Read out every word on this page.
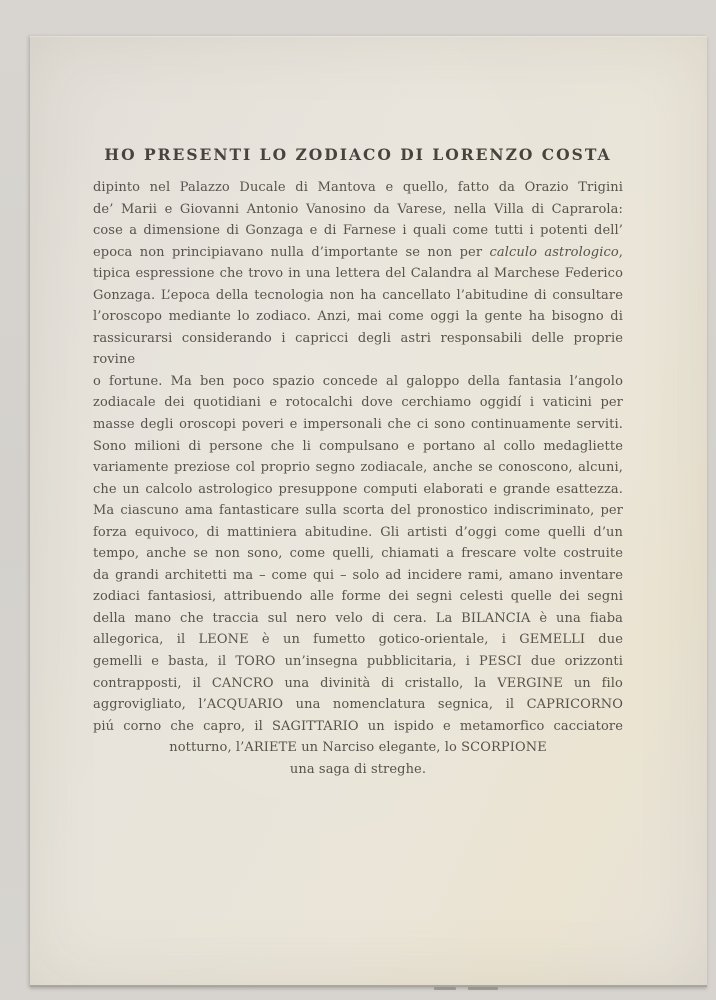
HO PRESENTI LO ZODIACO DI LORENZO COSTA
dipinto nel Palazzo Ducale di Mantova e quello, fatto da Orazio Trigini
de’ Marii e Giovanni Antonio Vanosino da Varese, nella Villa di Caprarola:
cose a dimensione di Gonzaga e di Farnese i quali come tutti i potenti dell’
epoca non principiavano nulla d’importante se non per calculo astrologico,
tipica espressione che trovo in una lettera del Calandra al Marchese Federico
Gonzaga. L’epoca della tecnologia non ha cancellato l’abitudine di consultare
l’oroscopo mediante lo zodiaco. Anzi, mai come oggi la gente ha bisogno di
rassicurarsi considerando i capricci degli astri responsabili delle proprie rovine
o fortune. Ma ben poco spazio concede al galoppo della fantasia l’angolo
zodiacale dei quotidiani e rotocalchi dove cerchiamo oggidí i vaticini per
masse degli oroscopi poveri e impersonali che ci sono continuamente serviti.
Sono milioni di persone che li compulsano e portano al collo medagliette
variamente preziose col proprio segno zodiacale, anche se conoscono, alcuni,
che un calcolo astrologico presuppone computi elaborati e grande esattezza.
Ma ciascuno ama fantasticare sulla scorta del pronostico indiscriminato, per
forza equivoco, di mattiniera abitudine. Gli artisti d’oggi come quelli d’un
tempo, anche se non sono, come quelli, chiamati a frescare volte costruite
da grandi architetti ma – come qui – solo ad incidere rami, amano inventare
zodiaci fantasiosi, attribuendo alle forme dei segni celesti quelle dei segni
della mano che traccia sul nero velo di cera. La BILANCIA è una fiaba
allegorica, il LEONE è un fumetto gotico-orientale, i GEMELLI due
gemelli e basta, il TORO un’insegna pubblicitaria, i PESCI due orizzonti
contrapposti, il CANCRO una divinità di cristallo, la VERGINE un filo
aggrovigliato, l’ACQUARIO una nomenclatura segnica, il CAPRICORNO
piú corno che capro, il SAGITTARIO un ispido e metamorfico cacciatore
notturno, l’ARIETE un Narciso elegante, lo SCORPIONE
una saga di streghe.
